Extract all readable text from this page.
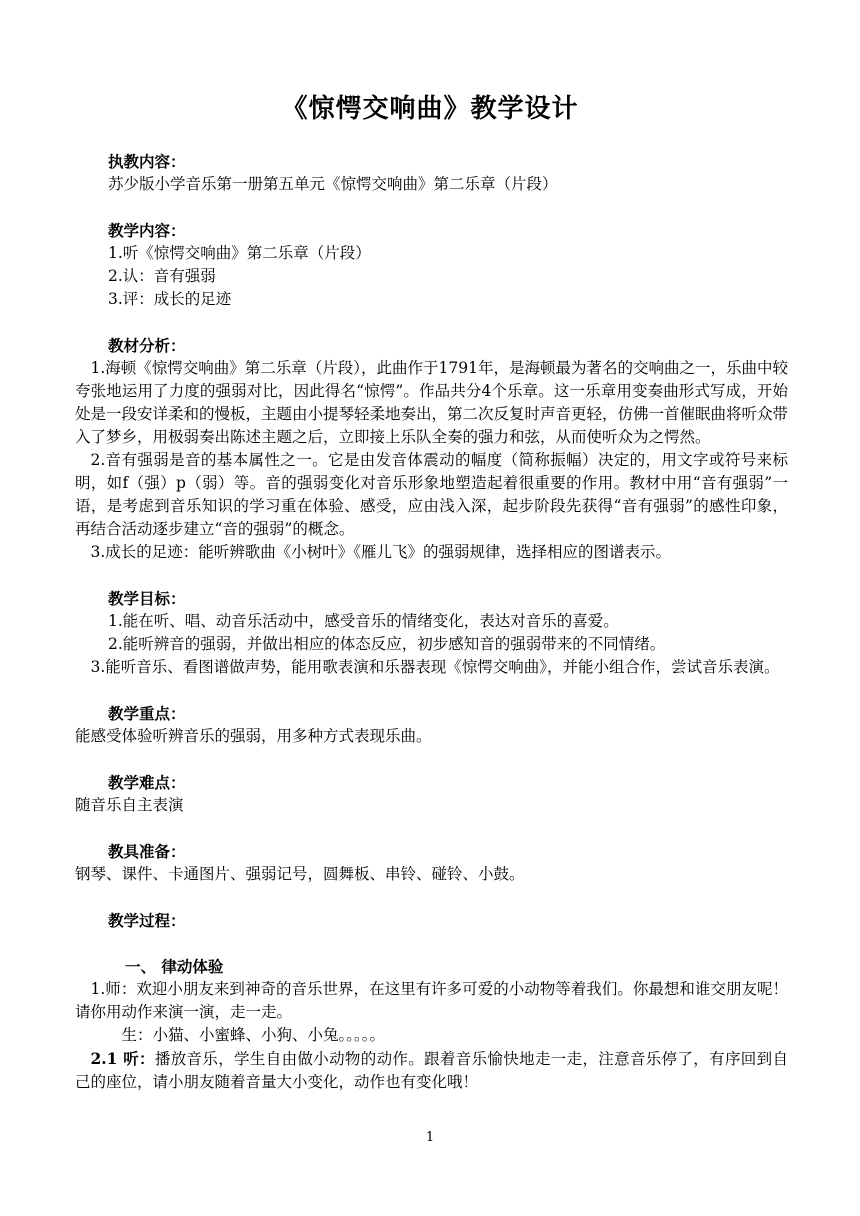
《惊愕交响曲》教学设计
执教内容：
苏少版小学音乐第一册第五单元《惊愕交响曲》第二乐章（片段）
教学内容：
1.听《惊愕交响曲》第二乐章（片段）
2.认：音有强弱
3.评：成长的足迹
教材分析：
1.海顿《惊愕交响曲》第二乐章（片段），此曲作于1791年，是海顿最为著名的交响曲之一，乐曲中较夸张地运用了力度的强弱对比，因此得名“惊愕”。作品共分4个乐章。这一乐章用变奏曲形式写成，开始处是一段安详柔和的慢板，主题由小提琴轻柔地奏出，第二次反复时声音更轻，仿佛一首催眠曲将听众带入了梦乡，用极弱奏出陈述主题之后，立即接上乐队全奏的强力和弦，从而使听众为之愕然。
2.音有强弱是音的基本属性之一。它是由发音体震动的幅度（简称振幅）决定的，用文字或符号来标明，如f（强）p（弱）等。音的强弱变化对音乐形象地塑造起着很重要的作用。教材中用“音有强弱”一语，是考虑到音乐知识的学习重在体验、感受，应由浅入深，起步阶段先获得“音有强弱”的感性印象，再结合活动逐步建立“音的强弱”的概念。
3.成长的足迹：能听辨歌曲《小树叶》《雁儿飞》的强弱规律，选择相应的图谱表示。
教学目标：
1.能在听、唱、动音乐活动中，感受音乐的情绪变化，表达对音乐的喜爱。
2.能听辨音的强弱，并做出相应的体态反应，初步感知音的强弱带来的不同情绪。
3.能听音乐、看图谱做声势，能用歌表演和乐器表现《惊愕交响曲》，并能小组合作，尝试音乐表演。
教学重点：
能感受体验听辨音乐的强弱，用多种方式表现乐曲。
教学难点：
随音乐自主表演
教具准备：
钢琴、课件、卡通图片、强弱记号，圆舞板、串铃、碰铃、小鼓。
教学过程：
一、 律动体验
1.师：欢迎小朋友来到神奇的音乐世界，在这里有许多可爱的小动物等着我们。你最想和谁交朋友呢！请你用动作来演一演，走一走。
生：小猫、小蜜蜂、小狗、小兔。。。。。
2.1 听：播放音乐，学生自由做小动物的动作。跟着音乐愉快地走一走，注意音乐停了，有序回到自己的座位，请小朋友随着音量大小变化，动作也有变化哦！
1
